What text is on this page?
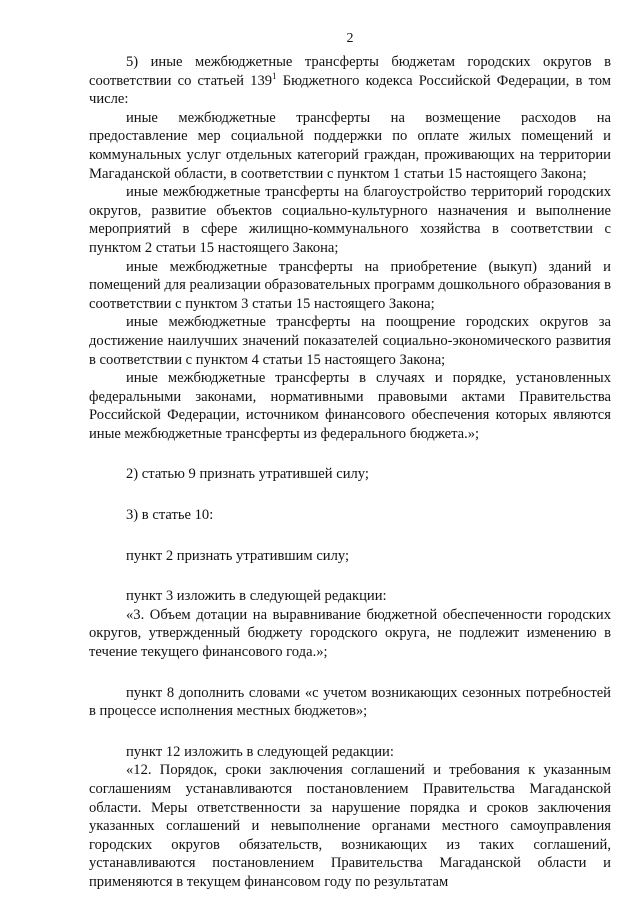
2

5) иные межбюджетные трансферты бюджетам городских округов в соответствии со статьей $139^1$ Бюджетного кодекса Российской Федерации, в том числе:

иные межбюджетные трансферты на возмещение расходов на предоставление мер социальной поддержки по оплате жилых помещений и коммунальных услуг отдельных категорий граждан, проживающих на территории Магаданской области, в соответствии с пунктом 1 статьи 15 настоящего Закона;

иные межбюджетные трансферты на благоустройство территорий городских округов, развитие объектов социально-культурного назначения и выполнение мероприятий в сфере жилищно-коммунального хозяйства в соответствии с пунктом 2 статьи 15 настоящего Закона;

иные межбюджетные трансферты на приобретение (выкуп) зданий и помещений для реализации образовательных программ дошкольного образования в соответствии с пунктом 3 статьи 15 настоящего Закона;

иные межбюджетные трансферты на поощрение городских округов за достижение наилучших значений показателей социально-экономического развития в соответствии с пунктом 4 статьи 15 настоящего Закона;

иные межбюджетные трансферты в случаях и порядке, установленных федеральными законами, нормативными правовыми актами Правительства Российской Федерации, источником финансового обеспечения которых являются иные межбюджетные трансферты из федерального бюджета.»;

2) статью 9 признать утратившей силу;

3) в статье 10:

пункт 2 признать утратившим силу;

пункт 3 изложить в следующей редакции:

«3. Объем дотации на выравнивание бюджетной обеспеченности городских округов, утвержденный бюджету городского округа, не подлежит изменению в течение текущего финансового года.»;

пункт 8 дополнить словами «с учетом возникающих сезонных потребностей в процессе исполнения местных бюджетов»;

пункт 12 изложить в следующей редакции:

«12. Порядок, сроки заключения соглашений и требования к указанным соглашениям устанавливаются постановлением Правительства Магаданской области. Меры ответственности за нарушение порядка и сроков заключения указанных соглашений и невыполнение органами местного самоуправления городских округов обязательств, возникающих из таких соглашений, устанавливаются постановлением Правительства Магаданской области и применяются в текущем финансовом году по результатам
